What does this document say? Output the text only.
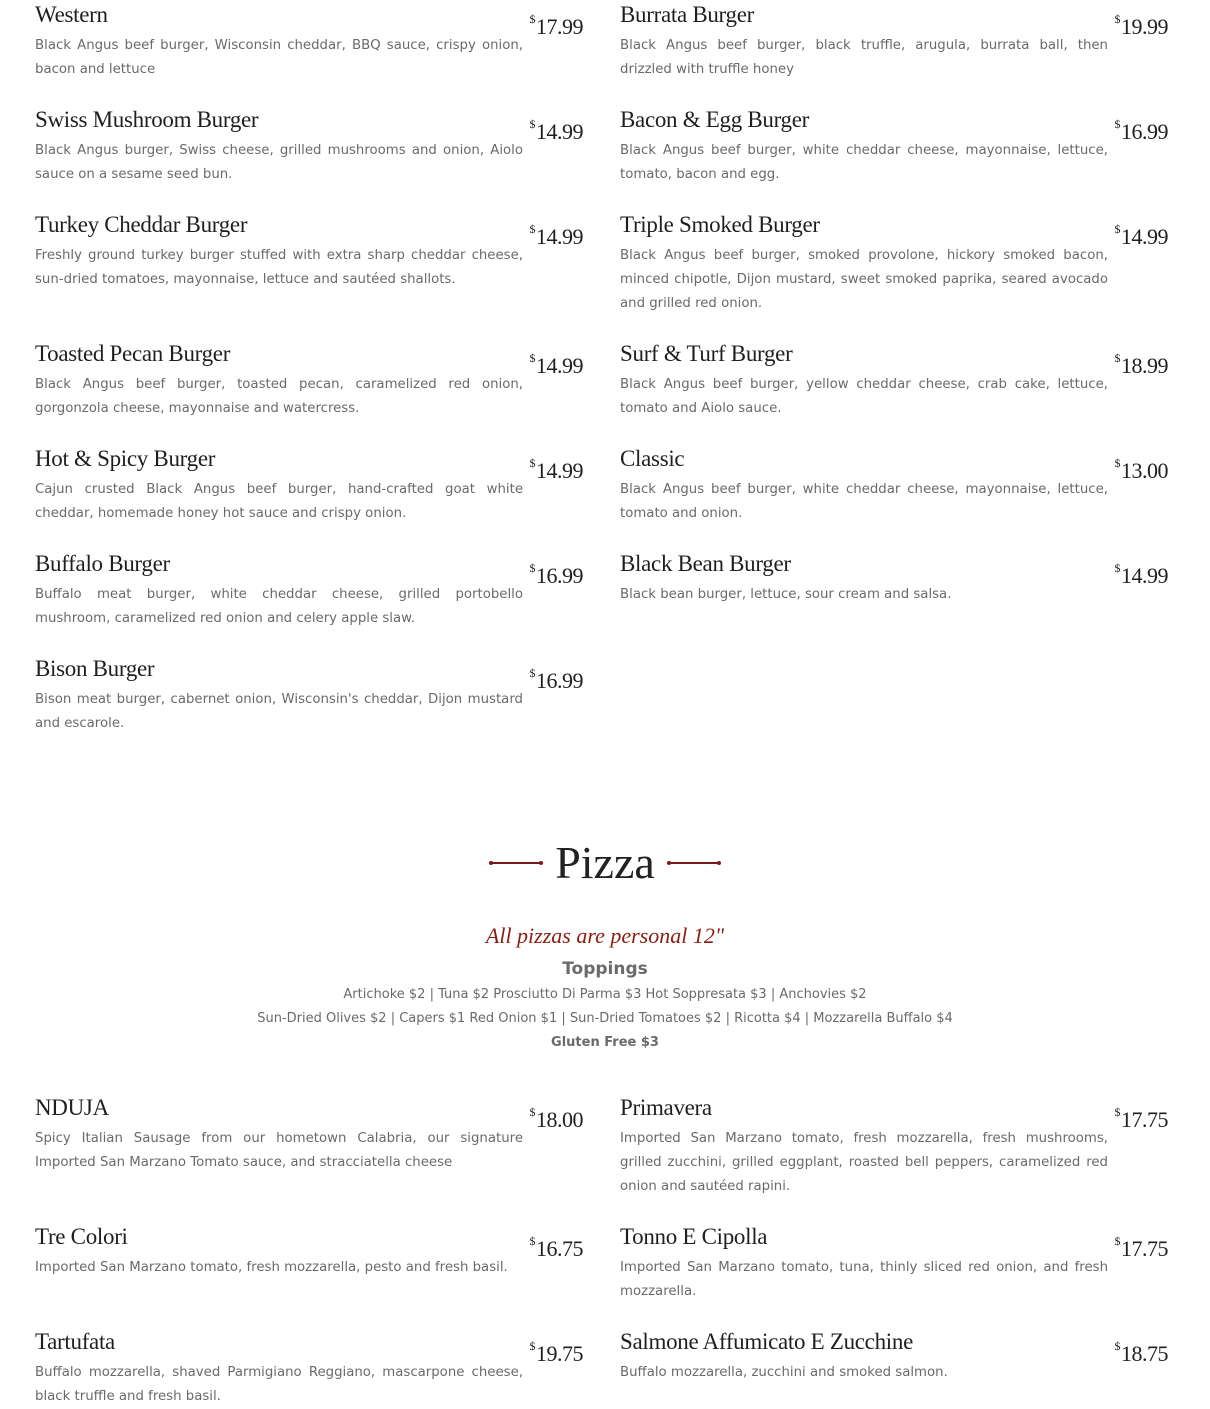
Western	$17.99
Black Angus beef burger, Wisconsin cheddar, BBQ sauce, crispy onion, bacon and lettuce
Burrata Burger	$19.99
Black Angus beef burger, black truffle, arugula, burrata ball, then drizzled with truffle honey
Swiss Mushroom Burger	$14.99
Black Angus burger, Swiss cheese, grilled mushrooms and onion, Aiolo sauce on a sesame seed bun.
Bacon & Egg Burger	$16.99
Black Angus beef burger, white cheddar cheese, mayonnaise, lettuce, tomato, bacon and egg.
Turkey Cheddar Burger	$14.99
Freshly ground turkey burger stuffed with extra sharp cheddar cheese, sun-dried tomatoes, mayonnaise, lettuce and sautéed shallots.
Triple Smoked Burger	$14.99
Black Angus beef burger, smoked provolone, hickory smoked bacon, minced chipotle, Dijon mustard, sweet smoked paprika, seared avocado and grilled red onion.
Toasted Pecan Burger	$14.99
Black Angus beef burger, toasted pecan, caramelized red onion, gorgonzola cheese, mayonnaise and watercress.
Surf & Turf Burger	$18.99
Black Angus beef burger, yellow cheddar cheese, crab cake, lettuce, tomato and Aiolo sauce.
Hot & Spicy Burger	$14.99
Cajun crusted Black Angus beef burger, hand-crafted goat white cheddar, homemade honey hot sauce and crispy onion.
Classic	$13.00
Black Angus beef burger, white cheddar cheese, mayonnaise, lettuce, tomato and onion.
Buffalo Burger	$16.99
Buffalo meat burger, white cheddar cheese, grilled portobello mushroom, caramelized red onion and celery apple slaw.
Black Bean Burger	$14.99
Black bean burger, lettuce, sour cream and salsa.
Bison Burger	$16.99
Bison meat burger, cabernet onion, Wisconsin's cheddar, Dijon mustard and escarole.
Pizza
All pizzas are personal 12"
Toppings
Artichoke $2 | Tuna $2 Prosciutto Di Parma $3 Hot Soppresata $3 | Anchovies $2
Sun-Dried Olives $2 | Capers $1 Red Onion $1 | Sun-Dried Tomatoes $2 | Ricotta $4 | Mozzarella Buffalo $4
Gluten Free $3
NDUJA	$18.00
Spicy Italian Sausage from our hometown Calabria, our signature Imported San Marzano Tomato sauce, and stracciatella cheese
Primavera	$17.75
Imported San Marzano tomato, fresh mozzarella, fresh mushrooms, grilled zucchini, grilled eggplant, roasted bell peppers, caramelized red onion and sautéed rapini.
Tre Colori	$16.75
Imported San Marzano tomato, fresh mozzarella, pesto and fresh basil.
Tonno E Cipolla	$17.75
Imported San Marzano tomato, tuna, thinly sliced red onion, and fresh mozzarella.
Tartufata	$19.75
Buffalo mozzarella, shaved Parmigiano Reggiano, mascarpone cheese, black truffle and fresh basil.
Salmone Affumicato E Zucchine	$18.75
Buffalo mozzarella, zucchini and smoked salmon.
